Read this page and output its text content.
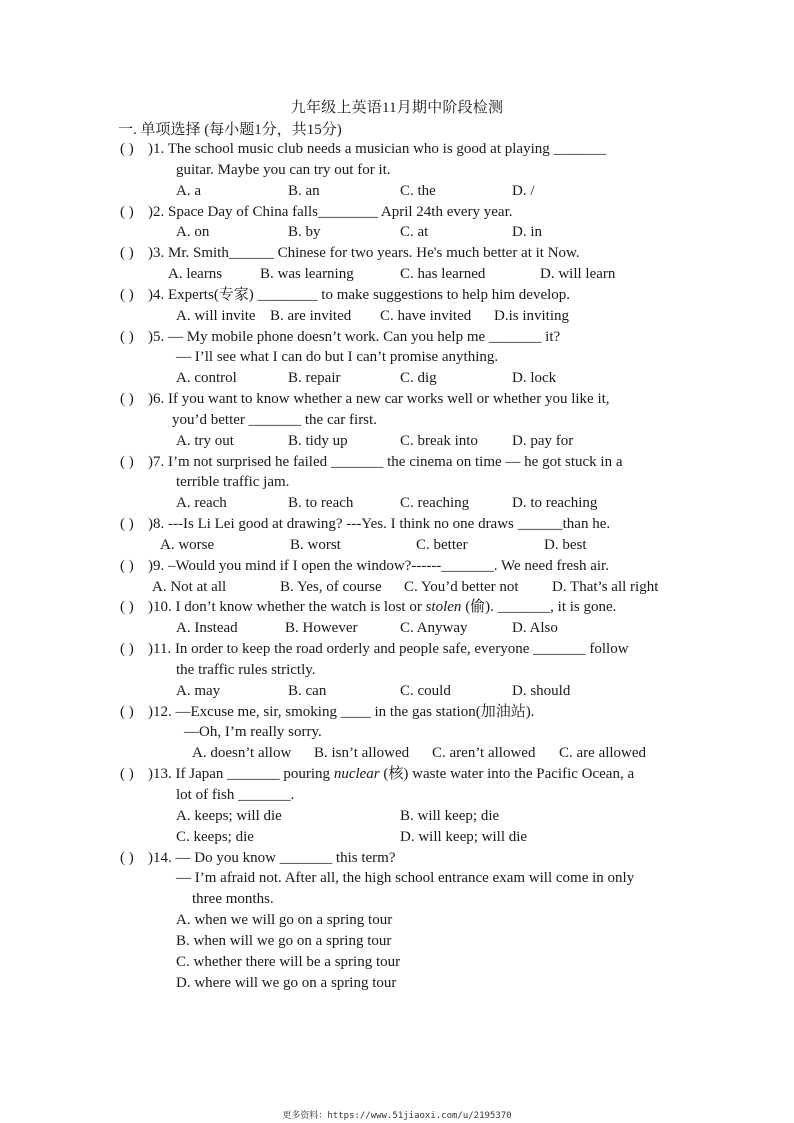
九年级上英语11月期中阶段检测
一. 单项选择 (每小题1分，共15分)
( ) )1. The school music club needs a musician who is good at playing _______
guitar. Maybe you can try out for it.
A. a	B. an	C. the	D. /
( ) )2. Space Day of China falls________ April 24th every year.
A. on	B. by	C. at	D. in
( ) )3. Mr. Smith______ Chinese for two years. He's much better at it Now.
A. learns	B. was learning	C. has learned	D. will learn
( ) )4. Experts(专家) ________ to make suggestions to help him develop.
A. will invite B. are invited C. have invited D.is inviting
( ) )5. — My mobile phone doesn’t work. Can you help me _______ it?
— I’ll see what I can do but I can’t promise anything.
A. control	B. repair	C. dig	D. lock
( ) )6. If you want to know whether a new car works well or whether you like it,
you’d better _______ the car first.
A. try out	B. tidy up	C. break into D. pay for
( ) )7. I’m not surprised he failed _______ the cinema on time — he got stuck in a
terrible traffic jam.
A. reach	B. to reach	C. reaching	D. to reaching
( ) )8. ---Is Li Lei good at drawing? ---Yes. I think no one draws ______than he.
A. worse	B. worst	C. better	D. best
( ) )9. –Would you mind if I open the window?------_______. We need fresh air.
A. Not at all	B. Yes, of course C. You’d better not D. That’s all right
( ) )10. I don’t know whether the watch is lost or stolen (偷). _______, it is gone.
A. Instead	B. However	C. Anyway	D. Also
( ) )11. In order to keep the road orderly and people safe, everyone _______ follow
the traffic rules strictly.
A. may	B. can	C. could	D. should
( ) )12. —Excuse me, sir, smoking ____ in the gas station(加油站).
—Oh, I’m really sorry.
A. doesn’t allow B. isn’t allowed C. aren’t allowed C. are allowed
( ) )13. If Japan _______ pouring nuclear (核) waste water into the Pacific Ocean, a
lot of fish _______.
A. keeps; will die	B. will keep; die
C. keeps; die	D. will keep; will die
( ) )14. — Do you know _______ this term?
— I’m afraid not. After all, the high school entrance exam will come in only
three months.
A. when we will go on a spring tour
B. when will we go on a spring tour
C. whether there will be a spring tour
D. where will we go on a spring tour
更多资料：https://www.51jiaoxi.com/u/2195370
